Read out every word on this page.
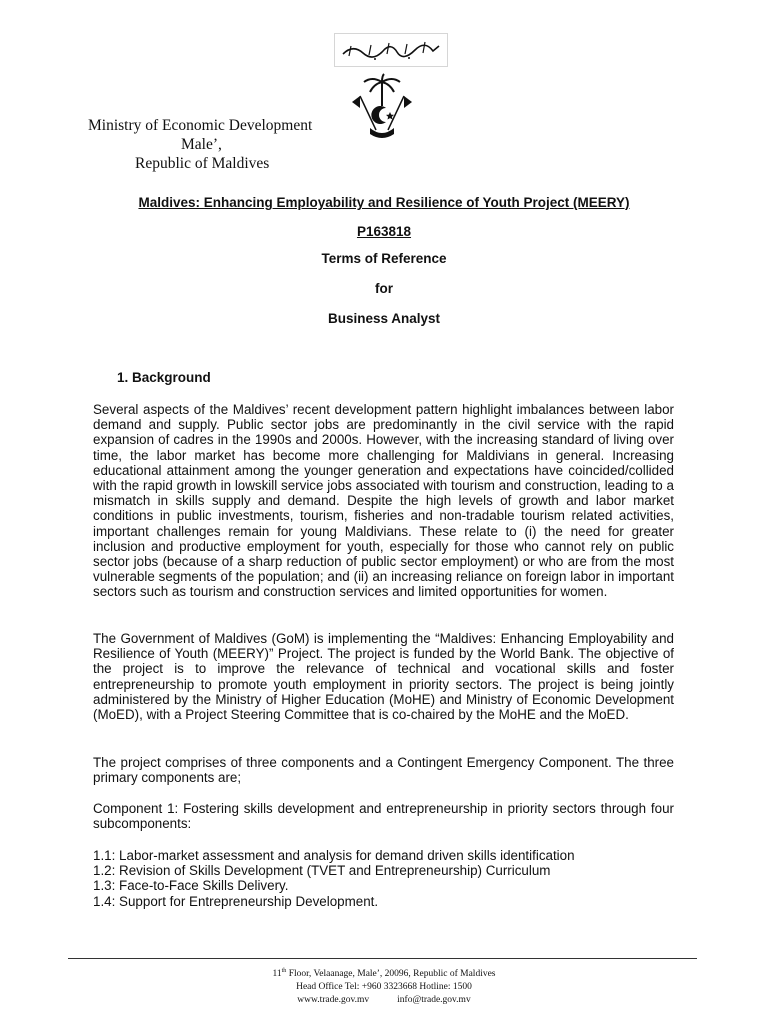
Ministry of Economic Development
Male’,
Republic of Maldives
Maldives: Enhancing Employability and Resilience of Youth Project (MEERY)
P163818
Terms of Reference
for
Business Analyst
1. Background
Several aspects of the Maldives’ recent development pattern highlight imbalances between labor demand and supply. Public sector jobs are predominantly in the civil service with the rapid expansion of cadres in the 1990s and 2000s. However, with the increasing standard of living over time, the labor market has become more challenging for Maldivians in general. Increasing educational attainment among the younger generation and expectations have coincided/collided with the rapid growth in lowskill service jobs associated with tourism and construction, leading to a mismatch in skills supply and demand. Despite the high levels of growth and labor market conditions in public investments, tourism, fisheries and non-tradable tourism related activities, important challenges remain for young Maldivians. These relate to (i) the need for greater inclusion and productive employment for youth, especially for those who cannot rely on public sector jobs (because of a sharp reduction of public sector employment) or who are from the most vulnerable segments of the population; and (ii) an increasing reliance on foreign labor in important sectors such as tourism and construction services and limited opportunities for women.
The Government of Maldives (GoM) is implementing the “Maldives: Enhancing Employability and Resilience of Youth (MEERY)” Project. The project is funded by the World Bank. The objective of the project is to improve the relevance of technical and vocational skills and foster entrepreneurship to promote youth employment in priority sectors. The project is being jointly administered by the Ministry of Higher Education (MoHE) and Ministry of Economic Development (MoED), with a Project Steering Committee that is co-chaired by the MoHE and the MoED.
The project comprises of three components and a Contingent Emergency Component. The three primary components are;
Component 1: Fostering skills development and entrepreneurship in priority sectors through four subcomponents:
1.1: Labor-market assessment and analysis for demand driven skills identification
1.2: Revision of Skills Development (TVET and Entrepreneurship) Curriculum
1.3: Face-to-Face Skills Delivery.
1.4: Support for Entrepreneurship Development.
11th Floor, Velaanage, Male’, 20096, Republic of Maldives
Head Office Tel: +960 3323668 Hotline: 1500
www.trade.gov.mv	info@trade.gov.mv
